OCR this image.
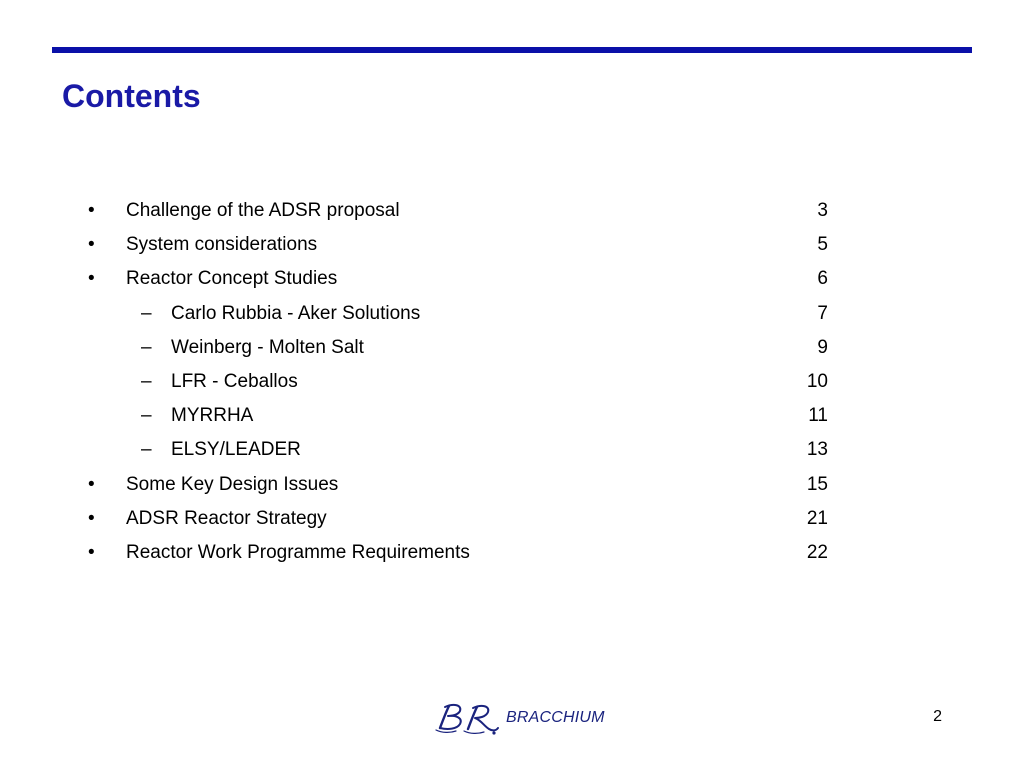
Contents
•	Challenge of the ADSR proposal	3
•	System considerations	5
•	Reactor Concept Studies	6
–	Carlo Rubbia - Aker Solutions	7
–	Weinberg - Molten Salt	9
–	LFR - Ceballos	10
–	MYRRHA	11
–	ELSY/LEADER	13
•	Some Key Design Issues	15
•	ADSR Reactor Strategy	21
•	Reactor Work Programme Requirements	22
BRACCHIUM	2
